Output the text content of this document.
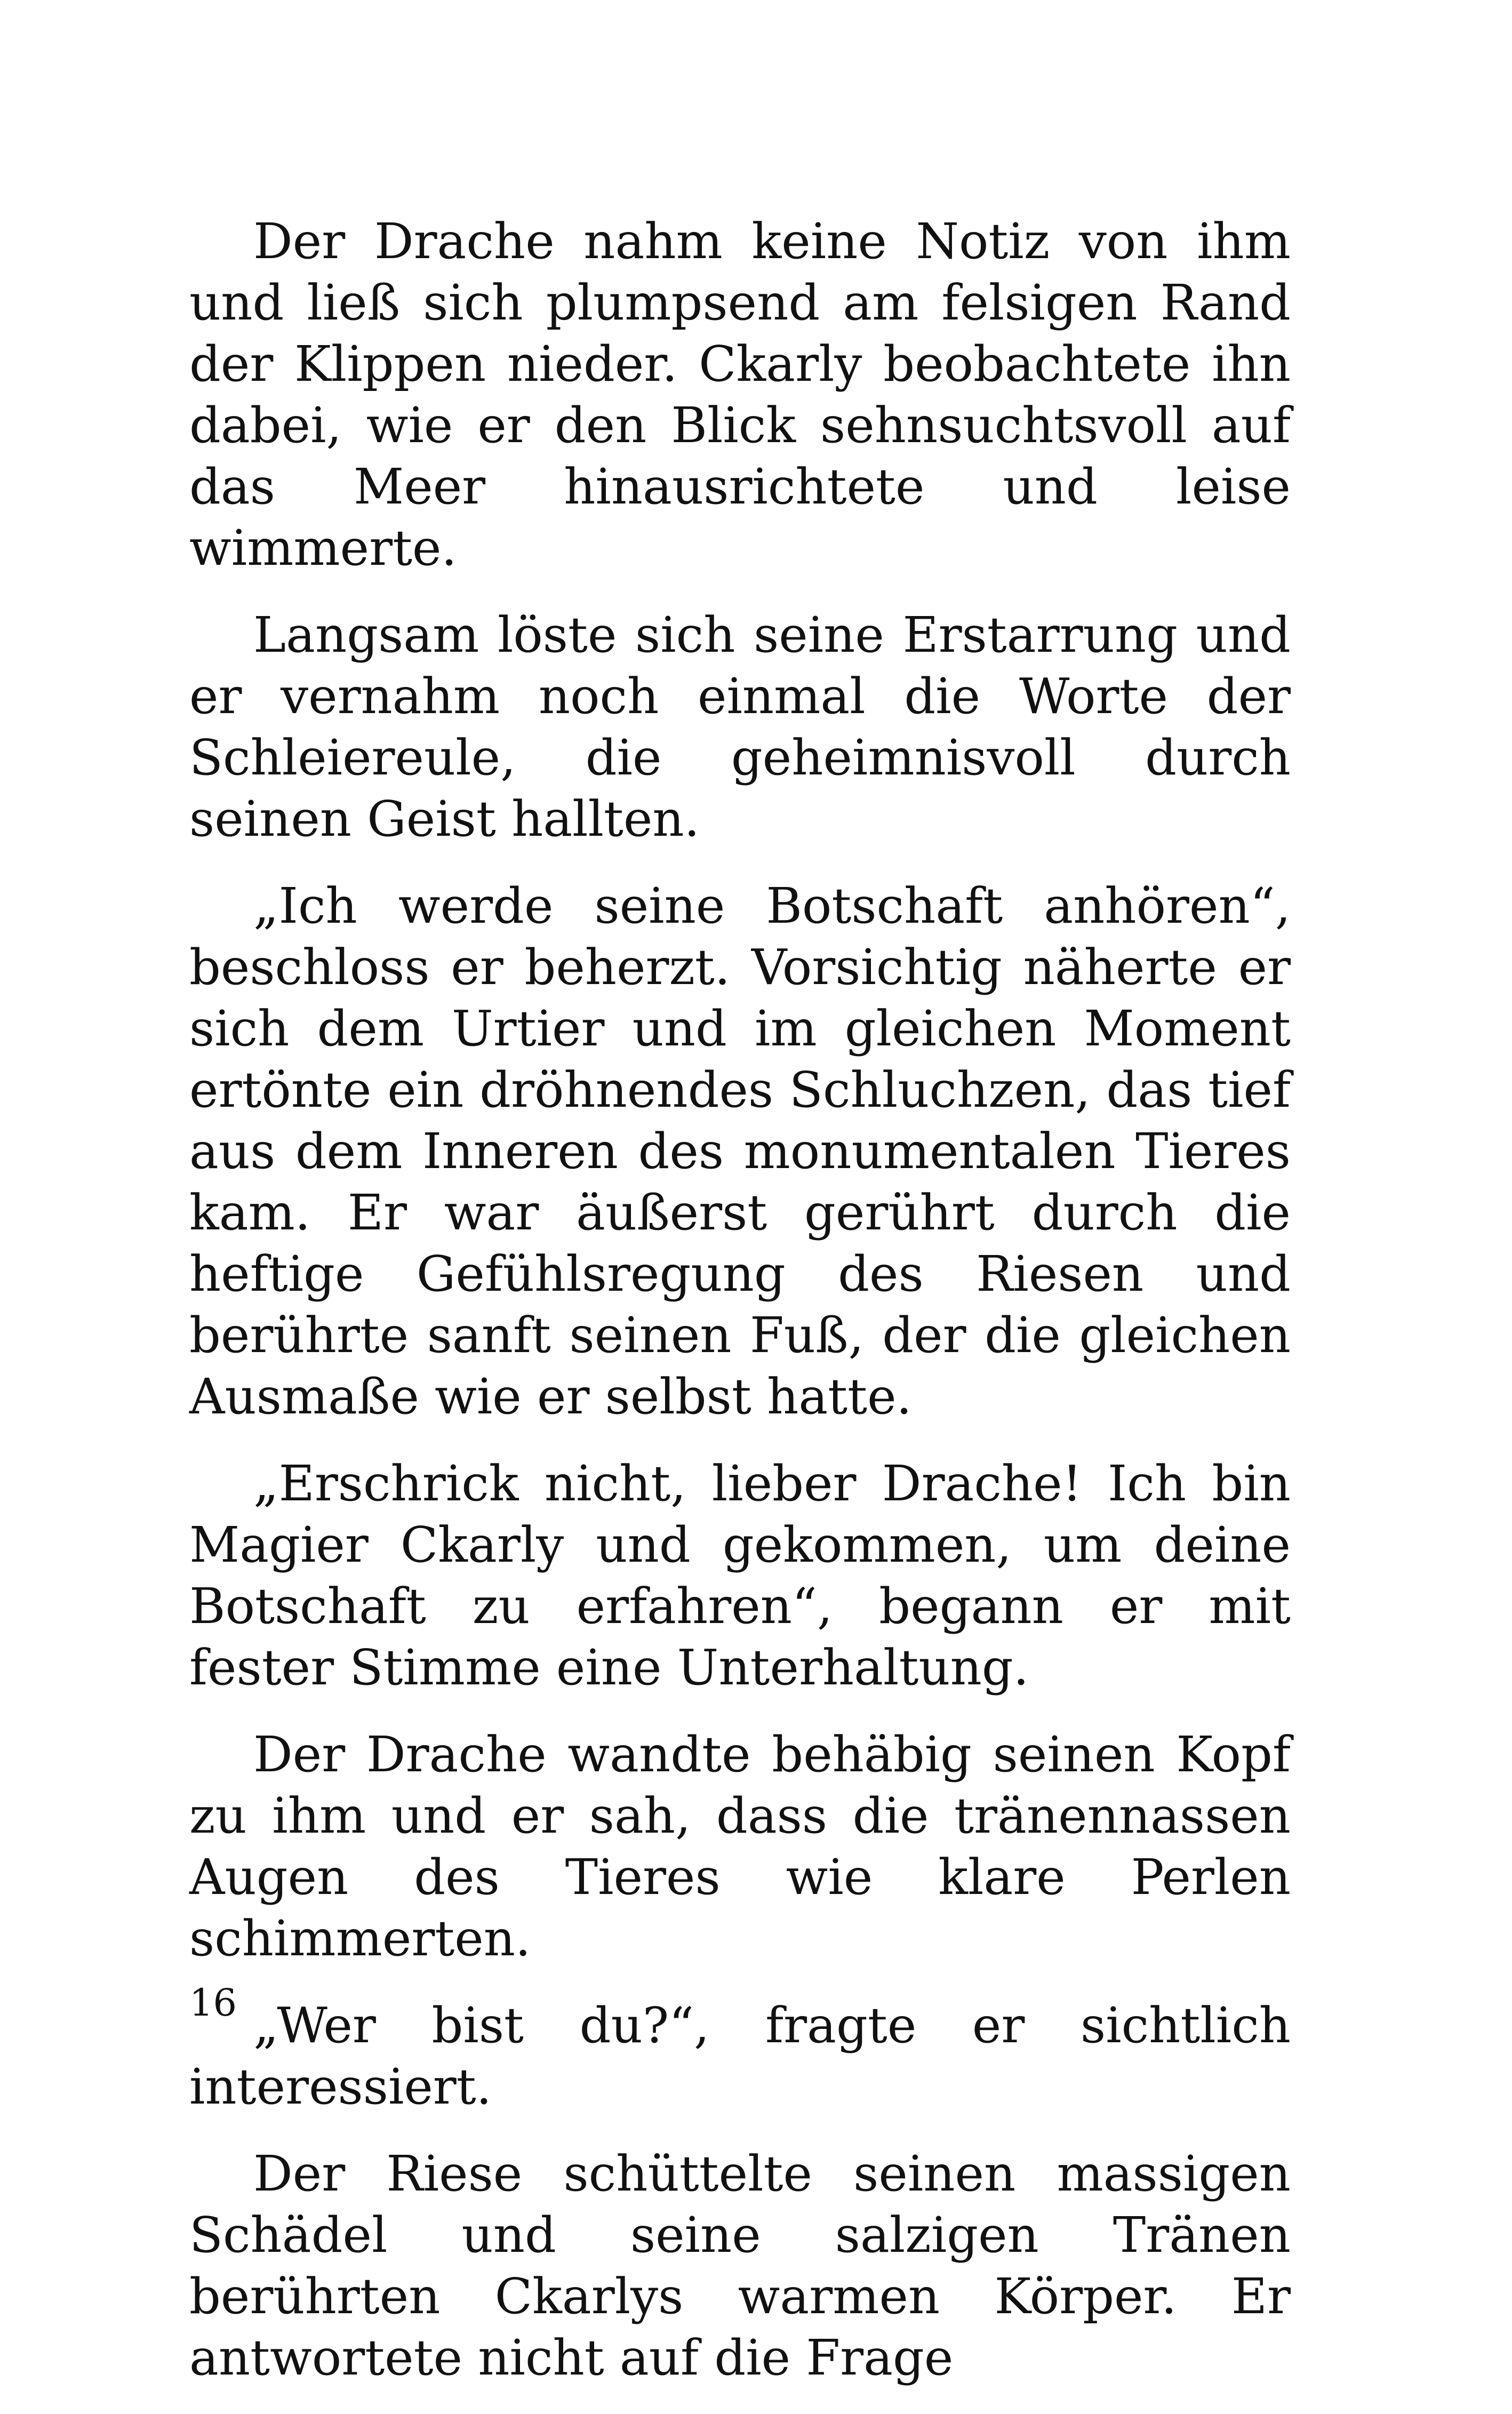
Der Drache nahm keine Notiz von ihm und ließ sich plumpsend am felsigen Rand der Klippen nieder. Ckarly beobachtete ihn dabei, wie er den Blick sehnsuchtsvoll auf das Meer hinausrichtete und leise wimmerte.

Langsam löste sich seine Erstarrung und er vernahm noch einmal die Worte der Schleiereule, die geheimnisvoll durch seinen Geist hallten.

„Ich werde seine Botschaft anhören“, beschloss er beherzt. Vorsichtig näherte er sich dem Urtier und im gleichen Moment ertönte ein dröhnendes Schluchzen, das tief aus dem Inneren des monumentalen Tieres kam. Er war äußerst gerührt durch die heftige Gefühlsregung des Riesen und berührte sanft seinen Fuß, der die gleichen Ausmaße wie er selbst hatte.

„Erschrick nicht, lieber Drache! Ich bin Magier Ckarly und gekommen, um deine Botschaft zu erfahren“, begann er mit fester Stimme eine Unterhaltung.

Der Drache wandte behäbig seinen Kopf zu ihm und er sah, dass die tränennassen Augen des Tieres wie klare Perlen schimmerten.

„Wer bist du?“, fragte er sichtlich interessiert.

Der Riese schüttelte seinen massigen Schädel und seine salzigen Tränen berührten Ckarlys warmen Körper. Er antwortete nicht auf die Frage

16
